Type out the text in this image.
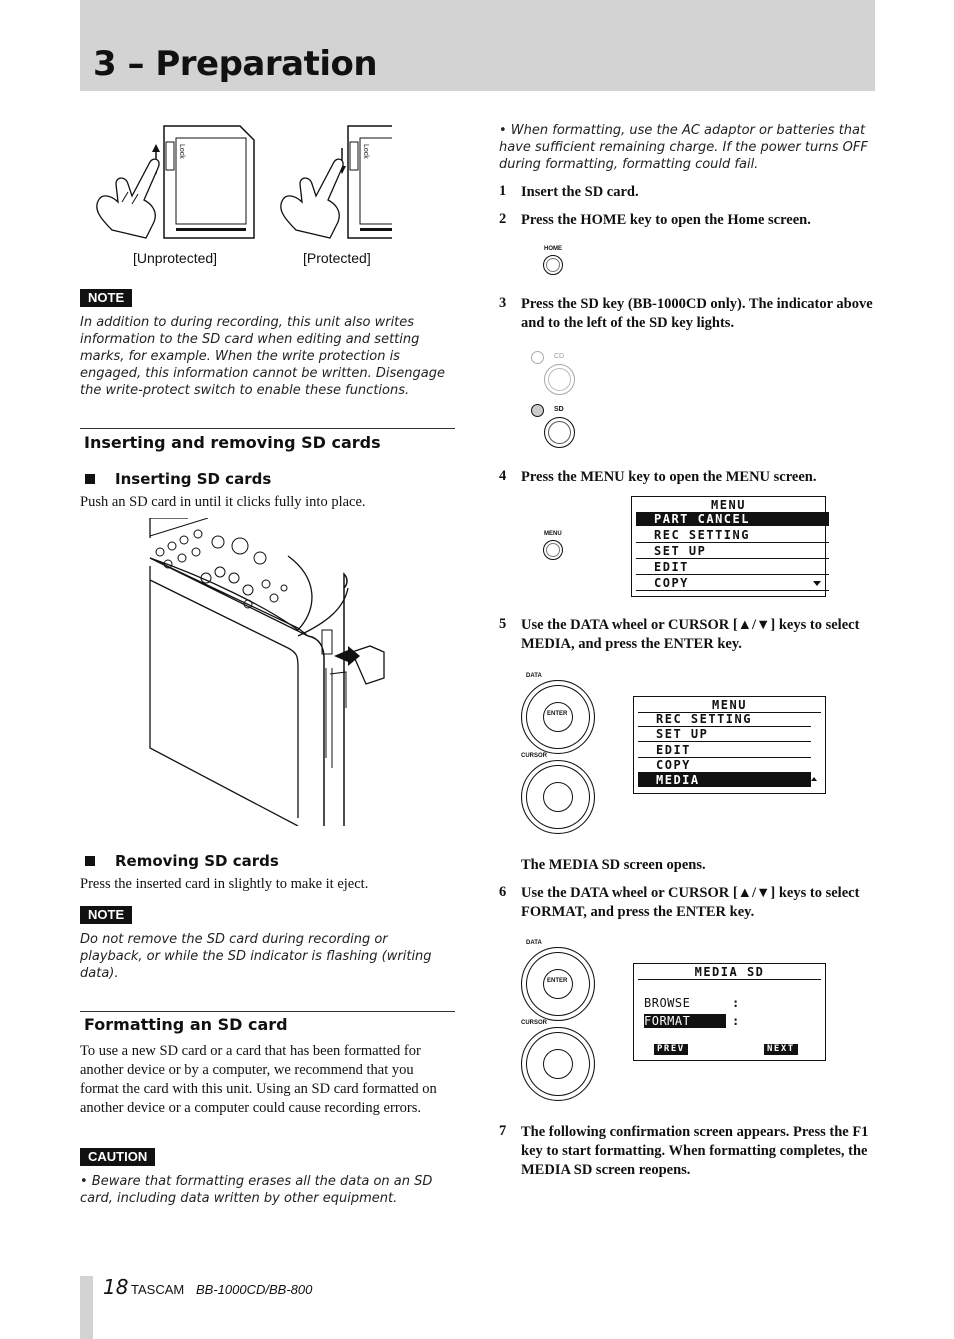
3 – Preparation
Lock	Lock
[Unprotected]	[Protected]
NOTE
In addition to during recording, this unit also writes information to the SD card when editing and setting marks, for example. When the write protection is engaged, this information cannot be written. Disengage the write-protect switch to enable these functions.
Inserting and removing SD cards
Inserting SD cards
Push an SD card in until it clicks fully into place.
Removing SD cards
Press the inserted card in slightly to make it eject.
NOTE
Do not remove the SD card during recording or playback, or while the SD indicator is flashing (writing data).
Formatting an SD card
To use a new SD card or a card that has been formatted for another device or by a computer, we recommend that you format the card with this unit. Using an SD card formatted on another device or a computer could cause recording errors.
CAUTION
• Beware that formatting erases all the data on an SD card, including data written by other equipment.
• When formatting, use the AC adaptor or batteries that have sufficient remaining charge. If the power turns OFF during formatting, formatting could fail.
1 Insert the SD card.
2 Press the HOME key to open the Home screen.
HOME
3 Press the SD key (BB-1000CD only). The indicator above and to the left of the SD key lights.
CD
SD
4 Press the MENU key to open the MENU screen.
MENU
MENU
PART CANCEL
REC SETTING
SET UP
EDIT
COPY
5 Use the DATA wheel or CURSOR [▲/▼] keys to select MEDIA, and press the ENTER key.
DATA
ENTER
CURSOR
MENU
REC SETTING
SET UP
EDIT
COPY
MEDIA
The MEDIA SD screen opens.
6 Use the DATA wheel or CURSOR [▲/▼] keys to select FORMAT, and press the ENTER key.
DATA
ENTER
CURSOR
MEDIA SD
BROWSE	:
FORMAT	:
PREV	NEXT
7 The following confirmation screen appears. Press the F1 key to start formatting. When formatting completes, the MEDIA SD screen reopens.
18 TASCAM BB-1000CD/BB-800
